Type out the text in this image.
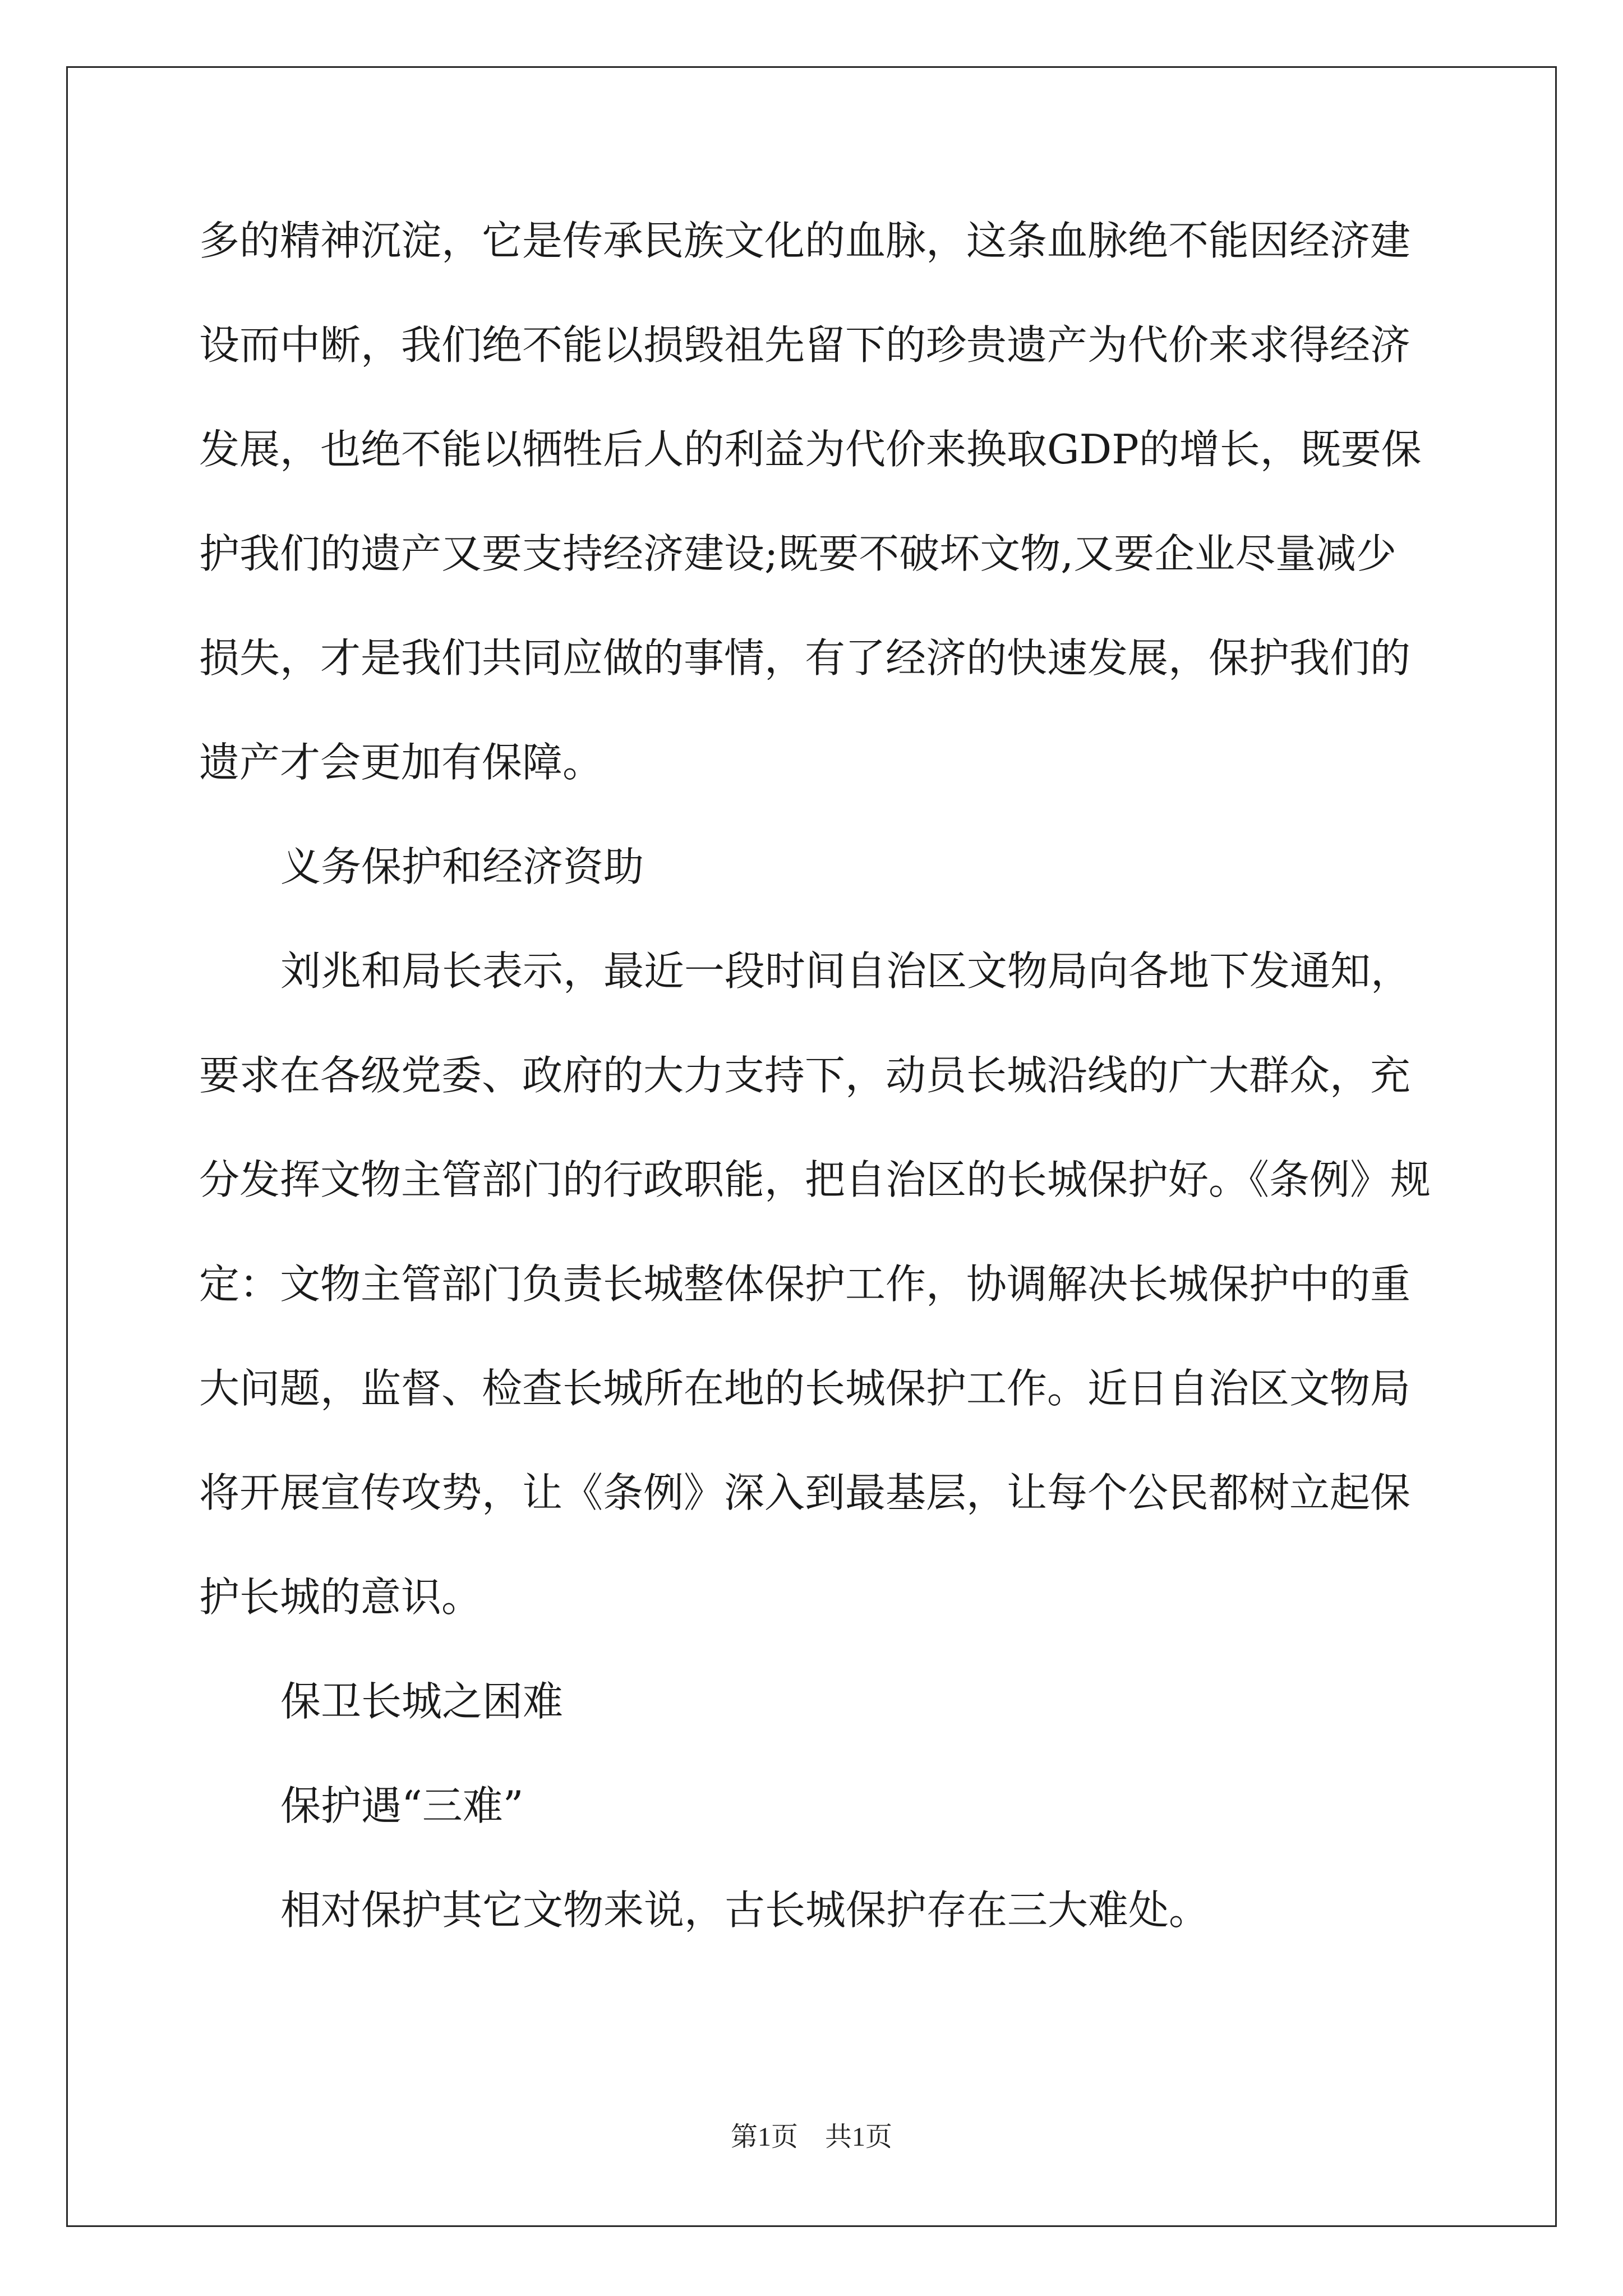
多的精神沉淀，它是传承民族文化的血脉，这条血脉绝不能因经济建
设而中断，我们绝不能以损毁祖先留下的珍贵遗产为代价来求得经济
发展，也绝不能以牺牲后人的利益为代价来换取GDP的增长，既要保
护我们的遗产又要支持经济建设;既要不破坏文物,又要企业尽量减少
损失，才是我们共同应做的事情，有了经济的快速发展，保护我们的
遗产才会更加有保障。

义务保护和经济资助

刘兆和局长表示，最近一段时间自治区文物局向各地下发通知，

要求在各级党委、政府的大力支持下，动员长城沿线的广大群众，充
分发挥文物主管部门的行政职能，把自治区的长城保护好。《条例》规
定：文物主管部门负责长城整体保护工作，协调解决长城保护中的重
大问题，监督、检查长城所在地的长城保护工作。近日自治区文物局
将开展宣传攻势，让《条例》深入到最基层，让每个公民都树立起保
护长城的意识。

保卫长城之困难

保护遇“三难”

相对保护其它文物来说，古长城保护存在三大难处。

第1页　共1页
